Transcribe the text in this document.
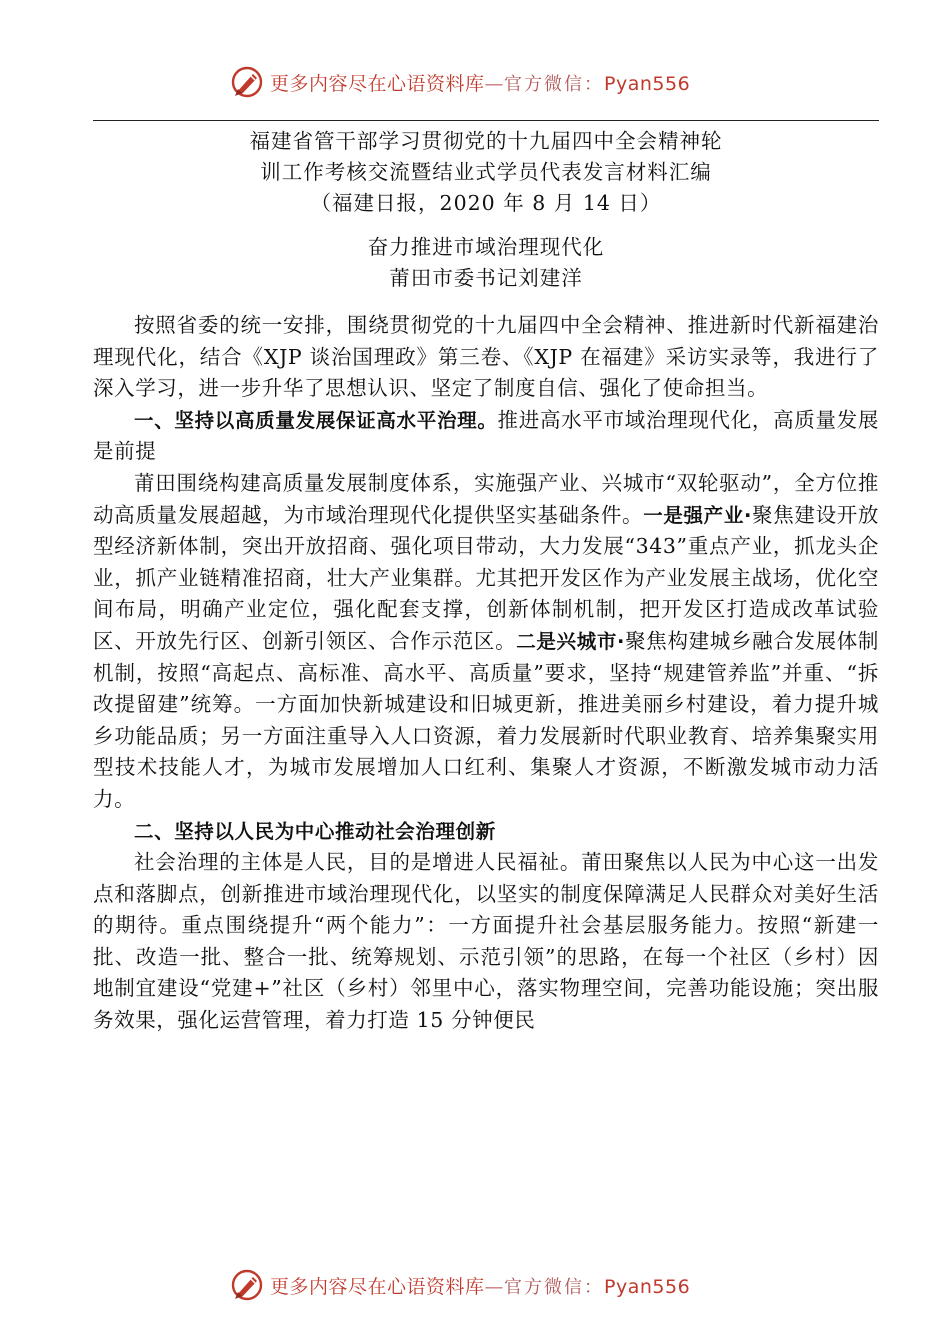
更多内容尽在心语资料库—官方微信：Pyan556
福建省管干部学习贯彻党的十九届四中全会精神轮
训工作考核交流暨结业式学员代表发言材料汇编
（福建日报，2020 年 8 月 14 日）
奋力推进市域治理现代化
莆田市委书记刘建洋

按照省委的统一安排，围绕贯彻党的十九届四中全会精神、推进新时代新福建治理现代化，结合《XJP 谈治国理政》第三卷、《XJP 在福建》采访实录等，我进行了深入学习，进一步升华了思想认识、坚定了制度自信、强化了使命担当。

一、坚持以高质量发展保证高水平治理。推进高水平市域治理现代化，高质量发展是前提

莆田围绕构建高质量发展制度体系，实施强产业、兴城市“双轮驱动”，全方位推动高质量发展超越，为市域治理现代化提供坚实基础条件。一是强产业·聚焦建设开放型经济新体制，突出开放招商、强化项目带动，大力发展“343”重点产业，抓龙头企业，抓产业链精准招商，壮大产业集群。尤其把开发区作为产业发展主战场，优化空间布局，明确产业定位，强化配套支撑，创新体制机制，把开发区打造成改革试验区、开放先行区、创新引领区、合作示范区。二是兴城市·聚焦构建城乡融合发展体制机制，按照“高起点、高标准、高水平、高质量”要求，坚持“规建管养监”并重、“拆改提留建”统筹。一方面加快新城建设和旧城更新，推进美丽乡村建设，着力提升城乡功能品质；另一方面注重导入人口资源，着力发展新时代职业教育、培养集聚实用型技术技能人才，为城市发展增加人口红利、集聚人才资源，不断激发城市动力活力。

二、坚持以人民为中心推动社会治理创新

社会治理的主体是人民，目的是增进人民福祉。莆田聚焦以人民为中心这一出发点和落脚点，创新推进市域治理现代化，以坚实的制度保障满足人民群众对美好生活的期待。重点围绕提升“两个能力”：一方面提升社会基层服务能力。按照“新建一批、改造一批、整合一批、统筹规划、示范引领”的思路，在每一个社区（乡村）因地制宜建设“党建+”社区（乡村）邻里中心，落实物理空间，完善功能设施；突出服务效果，强化运营管理，着力打造 15 分钟便民

更多内容尽在心语资料库—官方微信：Pyan556
